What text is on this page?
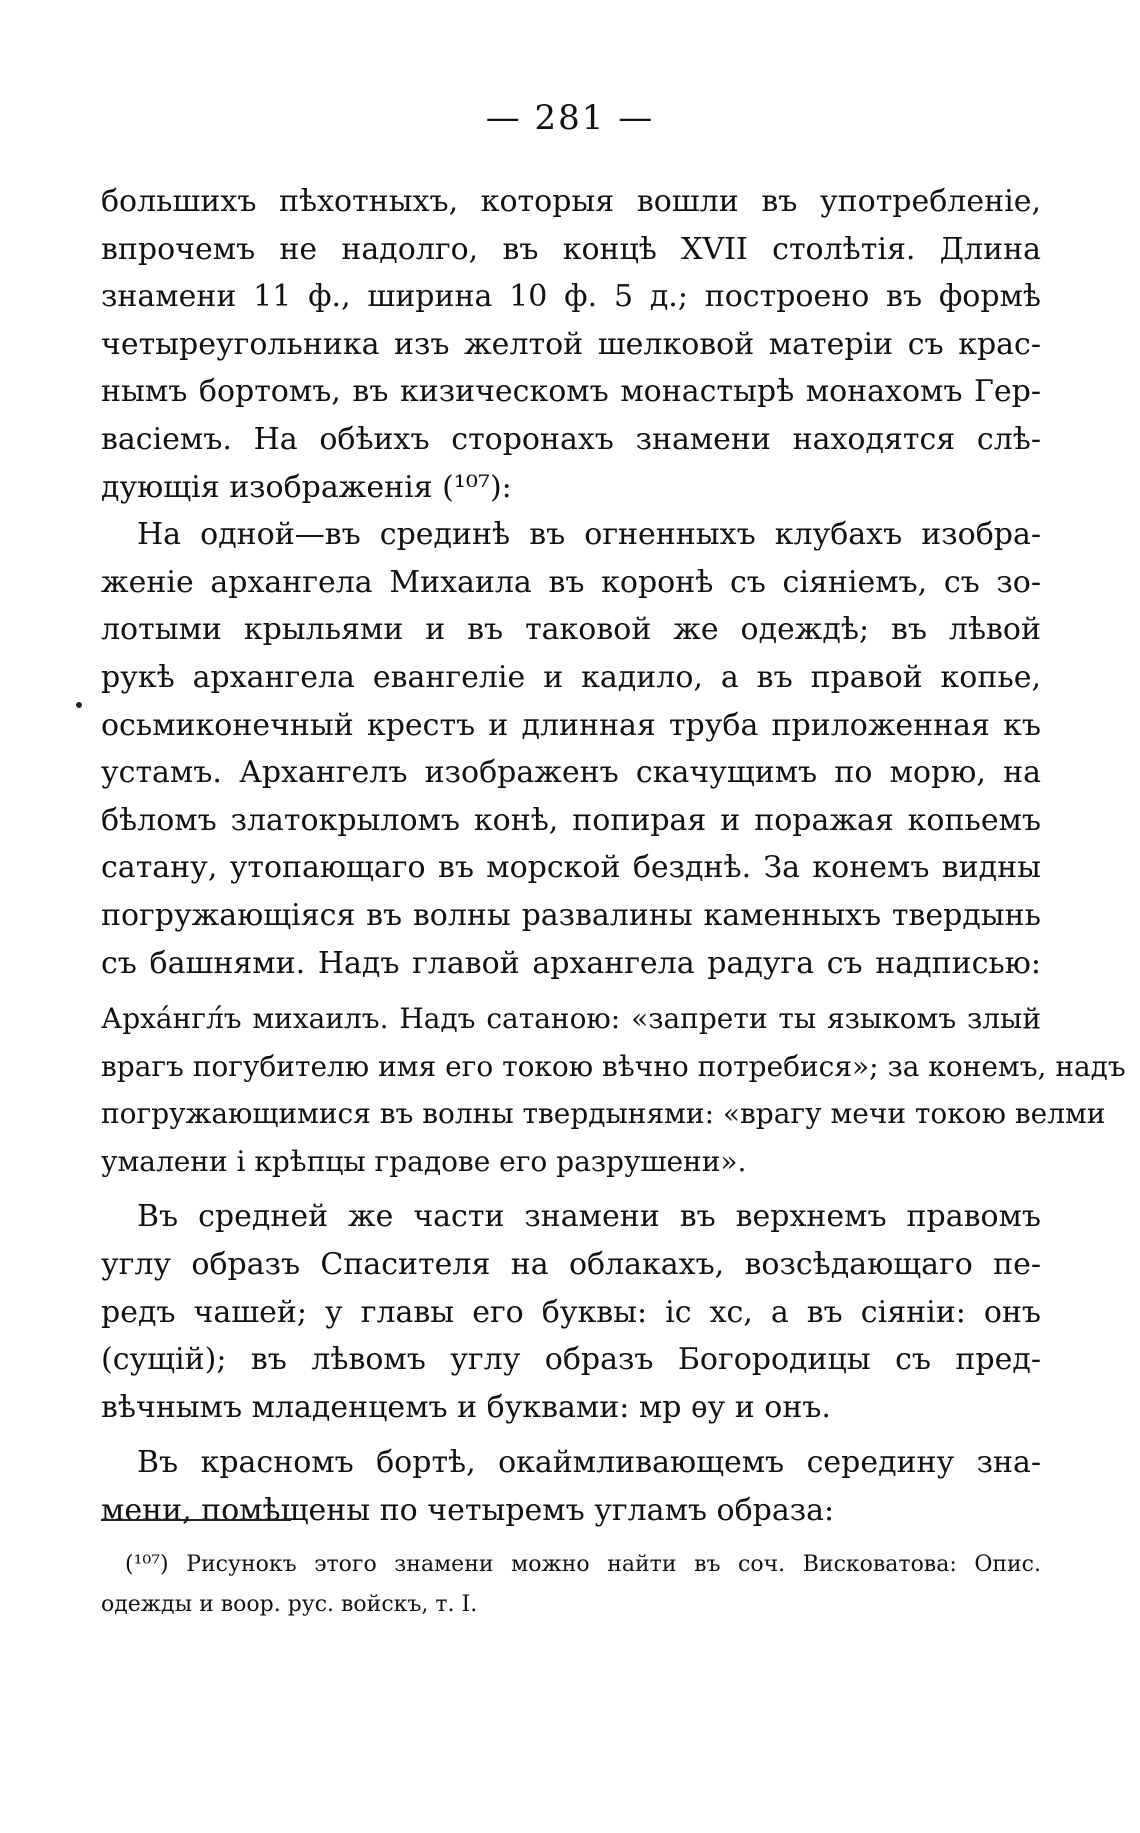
— 281 —
большихъ пѣхотныхъ, которыя вошли въ употребленіе,
впрочемъ не надолго, въ концѣ XVII столѣтія. Длина
знамени 11 ф., ширина 10 ф. 5 д.; построено въ формѣ
четыреугольника изъ желтой шелковой матеріи съ крас-
нымъ бортомъ, въ кизическомъ монастырѣ монахомъ Гер-
васіемъ. На обѣихъ сторонахъ знамени находятся слѣ-
дующія изображенія (¹⁰⁷):
На одной—въ срединѣ въ огненныхъ клубахъ изобра-
женіе архангела Михаила въ коронѣ съ сіяніемъ, съ зо-
лотыми крыльями и въ таковой же одеждѣ; въ лѣвой
рукѣ архангела евангеліе и кадило, а въ правой копье,
осьмиконечный крестъ и длинная труба приложенная къ
устамъ. Архангелъ изображенъ скачущимъ по морю, на
бѣломъ златокрыломъ конѣ, попирая и поражая копьемъ
сатану, утопающаго въ морской безднѣ. За конемъ видны
погружающіяся въ волны развалины каменныхъ твердынь
съ башнями. Надъ главой архангела радуга съ надписью:
Арха́нгл́ъ михаилъ. Надъ сатаною: «запрети ты языкомъ злый
врагъ погубителю имя его токою вѣчно потребися»; за конемъ, надъ
погружающимися въ волны твердынями: «врагу мечи токою велми
умалени і крѣпцы градове его разрушени».
Въ средней же части знамени въ верхнемъ правомъ
углу образъ Спасителя на облакахъ, возсѣдающаго пе-
редъ чашей; у главы его буквы: іс хс, а въ сіяніи: онъ
(сущій); въ лѣвомъ углу образъ Богородицы съ пред-
вѣчнымъ младенцемъ и буквами: мр ѳу и онъ.
Въ красномъ бортѣ, окаймливающемъ середину зна-
мени, помѣщены по четыремъ угламъ образа:
(¹⁰⁷) Рисунокъ этого знамени можно найти въ соч. Висковатова: Опис.
одежды и воор. рус. войскъ, т. I.
